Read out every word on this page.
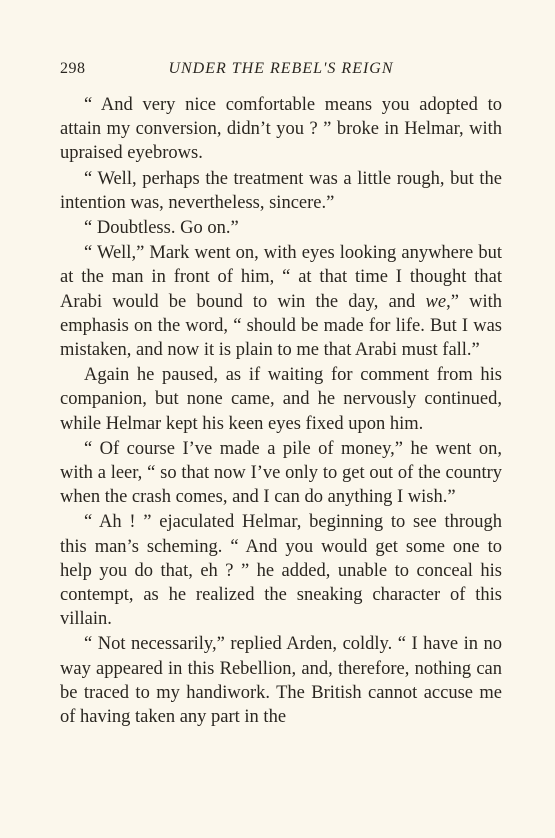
298	UNDER THE REBEL'S REIGN

“ And very nice comfortable means you adopted to attain my conversion, didn’t you ? ” broke in Helmar, with upraised eyebrows.

“ Well, perhaps the treatment was a little rough, but the intention was, nevertheless, sincere.”

“ Doubtless. Go on.”

“ Well,” Mark went on, with eyes looking anywhere but at the man in front of him, “ at that time I thought that Arabi would be bound to win the day, and we,” with emphasis on the word, “ should be made for life. But I was mistaken, and now it is plain to me that Arabi must fall.”

Again he paused, as if waiting for comment from his companion, but none came, and he nervously continued, while Helmar kept his keen eyes fixed upon him.

“ Of course I’ve made a pile of money,” he went on, with a leer, “ so that now I’ve only to get out of the country when the crash comes, and I can do anything I wish.”

“ Ah ! ” ejaculated Helmar, beginning to see through this man’s scheming. “ And you would get some one to help you do that, eh ? ” he added, unable to conceal his contempt, as he realized the sneaking character of this villain.

“ Not necessarily,” replied Arden, coldly. “ I have in no way appeared in this Rebellion, and, therefore, nothing can be traced to my handiwork. The British cannot accuse me of having taken any part in the
